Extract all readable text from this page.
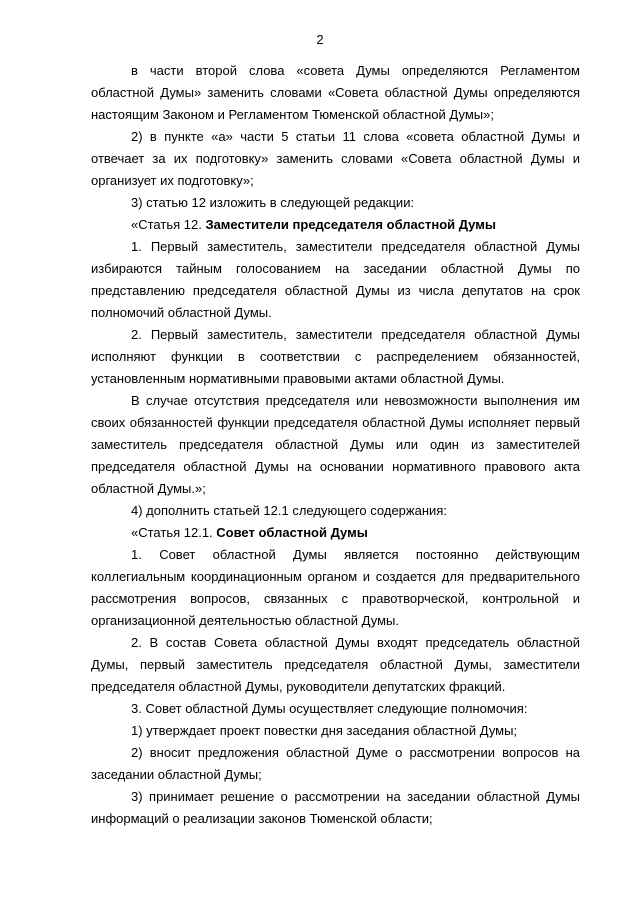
2

в части второй слова «совета Думы определяются Регламентом областной Думы» заменить словами «Совета областной Думы определяются настоящим Законом и Регламентом Тюменской областной Думы»;

2) в пункте «а» части 5 статьи 11 слова «совета областной Думы и отвечает за их подготовку» заменить словами «Совета областной Думы и организует их подготовку»;

3) статью 12 изложить в следующей редакции:

«Статья 12. Заместители председателя областной Думы

1. Первый заместитель, заместители председателя областной Думы избираются тайным голосованием на заседании областной Думы по представлению председателя областной Думы из числа депутатов на срок полномочий областной Думы.

2. Первый заместитель, заместители председателя областной Думы исполняют функции в соответствии с распределением обязанностей, установленным нормативными правовыми актами областной Думы.

В случае отсутствия председателя или невозможности выполнения им своих обязанностей функции председателя областной Думы исполняет первый заместитель председателя областной Думы или один из заместителей председателя областной Думы на основании нормативного правового акта областной Думы.»;

4) дополнить статьей 12.1 следующего содержания:

«Статья 12.1. Совет областной Думы

1. Совет областной Думы является постоянно действующим коллегиальным координационным органом и создается для предварительного рассмотрения вопросов, связанных с правотворческой, контрольной и организационной деятельностью областной Думы.

2. В состав Совета областной Думы входят председатель областной Думы, первый заместитель председателя областной Думы, заместители председателя областной Думы, руководители депутатских фракций.

3. Совет областной Думы осуществляет следующие полномочия:

1) утверждает проект повестки дня заседания областной Думы;

2) вносит предложения областной Думе о рассмотрении вопросов на заседании областной Думы;

3) принимает решение о рассмотрении на заседании областной Думы информаций о реализации законов Тюменской области;
